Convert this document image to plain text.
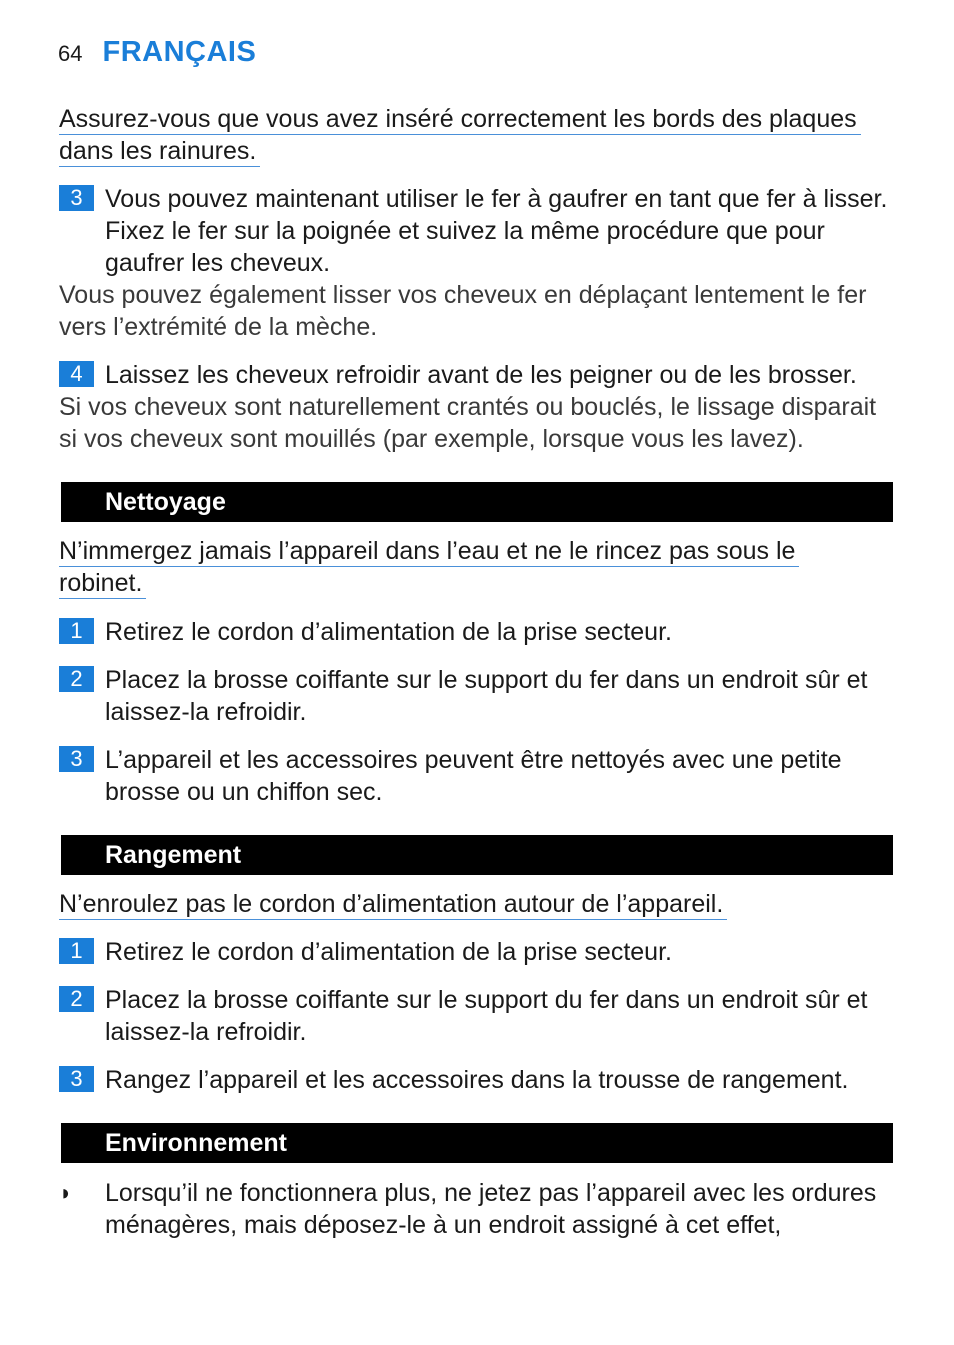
64 FRANÇAIS
Assurez-vous que vous avez inséré correctement les bords des plaques
dans les rainures.
3 Vous pouvez maintenant utiliser le fer à gaufrer en tant que fer à lisser. Fixez le fer sur la poignée et suivez la même procédure que pour gaufrer les cheveux.
Vous pouvez également lisser vos cheveux en déplaçant lentement le fer vers l’extrémité de la mèche.
4 Laissez les cheveux refroidir avant de les peigner ou de les brosser.
Si vos cheveux sont naturellement crantés ou bouclés, le lissage disparait si vos cheveux sont mouillés (par exemple, lorsque vous les lavez).
Nettoyage
N’immergez jamais l’appareil dans l’eau et ne le rincez pas sous le
robinet.
1 Retirez le cordon d’alimentation de la prise secteur.
2 Placez la brosse coiffante sur le support du fer dans un endroit sûr et laissez-la refroidir.
3 L’appareil et les accessoires peuvent être nettoyés avec une petite brosse ou un chiffon sec.
Rangement
N’enroulez pas le cordon d’alimentation autour de l’appareil.
1 Retirez le cordon d’alimentation de la prise secteur.
2 Placez la brosse coiffante sur le support du fer dans un endroit sûr et laissez-la refroidir.
3 Rangez l’appareil et les accessoires dans la trousse de rangement.
Environnement
◗ Lorsqu’il ne fonctionnera plus, ne jetez pas l’appareil avec les ordures ménagères, mais déposez-le à un endroit assigné à cet effet,
